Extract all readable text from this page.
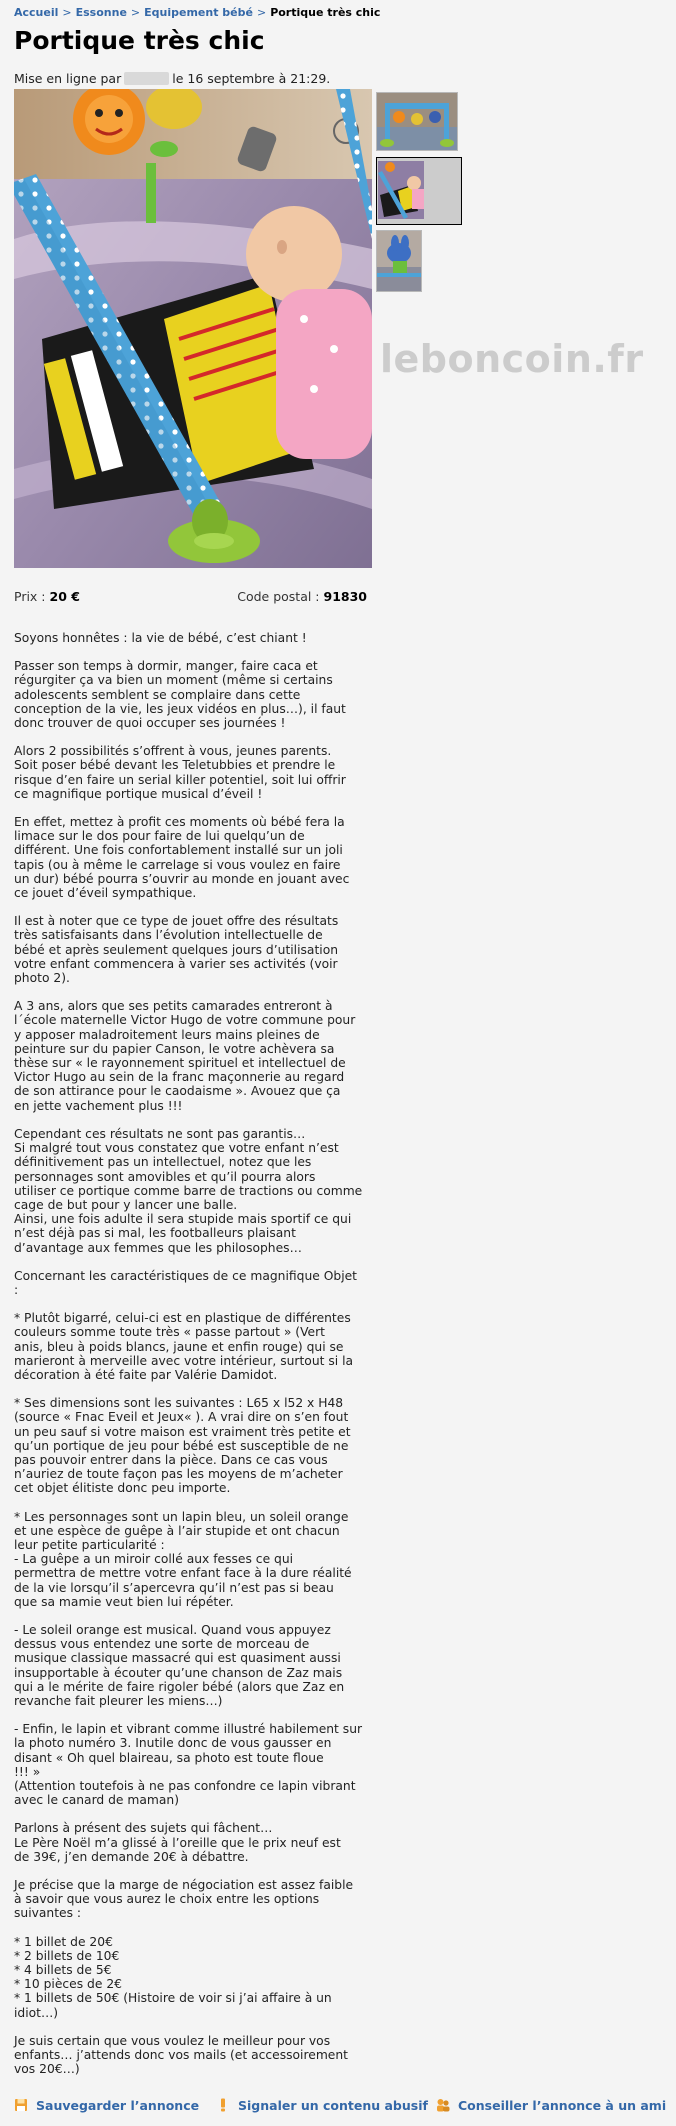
Accueil > Essonne > Equipement bébé > Portique très chic
Portique très chic
Mise en ligne par	le 16 septembre à 21:29.
leboncoin.fr
Prix : 20 €	Code postal : 91830

Soyons honnêtes : la vie de bébé, c’est chiant !

Passer son temps à dormir, manger, faire caca et
régurgiter ça va bien un moment (même si certains
adolescents semblent se complaire dans cette
conception de la vie, les jeux vidéos en plus…), il faut
donc trouver de quoi occuper ses journées !

Alors 2 possibilités s’offrent à vous, jeunes parents.
Soit poser bébé devant les Teletubbies et prendre le
risque d’en faire un serial killer potentiel, soit lui offrir
ce magnifique portique musical d’éveil !

En effet, mettez à profit ces moments où bébé fera la
limace sur le dos pour faire de lui quelqu’un de
différent. Une fois confortablement installé sur un joli
tapis (ou à même le carrelage si vous voulez en faire
un dur) bébé pourra s’ouvrir au monde en jouant avec
ce jouet d’éveil sympathique.

Il est à noter que ce type de jouet offre des résultats
très satisfaisants dans l’évolution intellectuelle de
bébé et après seulement quelques jours d’utilisation
votre enfant commencera à varier ses activités (voir
photo 2).

A 3 ans, alors que ses petits camarades entreront à
l´école maternelle Victor Hugo de votre commune pour
y apposer maladroitement leurs mains pleines de
peinture sur du papier Canson, le votre achèvera sa
thèse sur « le rayonnement spirituel et intellectuel de
Victor Hugo au sein de la franc maçonnerie au regard
de son attirance pour le caodaisme ». Avouez que ça
en jette vachement plus !!!

Cependant ces résultats ne sont pas garantis…
Si malgré tout vous constatez que votre enfant n’est
définitivement pas un intellectuel, notez que les
personnages sont amovibles et qu’il pourra alors
utiliser ce portique comme barre de tractions ou comme
cage de but pour y lancer une balle.
Ainsi, une fois adulte il sera stupide mais sportif ce qui
n’est déjà pas si mal, les footballeurs plaisant
d’avantage aux femmes que les philosophes…

Concernant les caractéristiques de ce magnifique Objet
:

* Plutôt bigarré, celui-ci est en plastique de différentes
couleurs somme toute très « passe partout » (Vert
anis, bleu à poids blancs, jaune et enfin rouge) qui se
marieront à merveille avec votre intérieur, surtout si la
décoration à été faite par Valérie Damidot.

* Ses dimensions sont les suivantes : L65 x l52 x H48
(source « Fnac Eveil et Jeux« ). A vrai dire on s’en fout
un peu sauf si votre maison est vraiment très petite et
qu’un portique de jeu pour bébé est susceptible de ne
pas pouvoir entrer dans la pièce. Dans ce cas vous
n’auriez de toute façon pas les moyens de m’acheter
cet objet élitiste donc peu importe.

* Les personnages sont un lapin bleu, un soleil orange
et une espèce de guêpe à l’air stupide et ont chacun
leur petite particularité :
- La guêpe a un miroir collé aux fesses ce qui
permettra de mettre votre enfant face à la dure réalité
de la vie lorsqu’il s’apercevra qu’il n’est pas si beau
que sa mamie veut bien lui répéter.

- Le soleil orange est musical. Quand vous appuyez
dessus vous entendez une sorte de morceau de
musique classique massacré qui est quasiment aussi
insupportable à écouter qu’une chanson de Zaz mais
qui a le mérite de faire rigoler bébé (alors que Zaz en
revanche fait pleurer les miens…)

- Enfin, le lapin et vibrant comme illustré habilement sur
la photo numéro 3. Inutile donc de vous gausser en
disant « Oh quel blaireau, sa photo est toute floue
!!! »
(Attention toutefois à ne pas confondre ce lapin vibrant
avec le canard de maman)

Parlons à présent des sujets qui fâchent…
Le Père Noël m’a glissé à l’oreille que le prix neuf est
de 39€, j’en demande 20€ à débattre.

Je précise que la marge de négociation est assez faible
à savoir que vous aurez le choix entre les options
suivantes :

* 1 billet de 20€
* 2 billets de 10€
* 4 billets de 5€
* 10 pièces de 2€
* 1 billets de 50€ (Histoire de voir si j’ai affaire à un
idiot…)

Je suis certain que vous voulez le meilleur pour vos
enfants… j’attends donc vos mails (et accessoirement
vos 20€…)

Sauvegarder l’annonce	Signaler un contenu abusif	Conseiller l’annonce à un ami
